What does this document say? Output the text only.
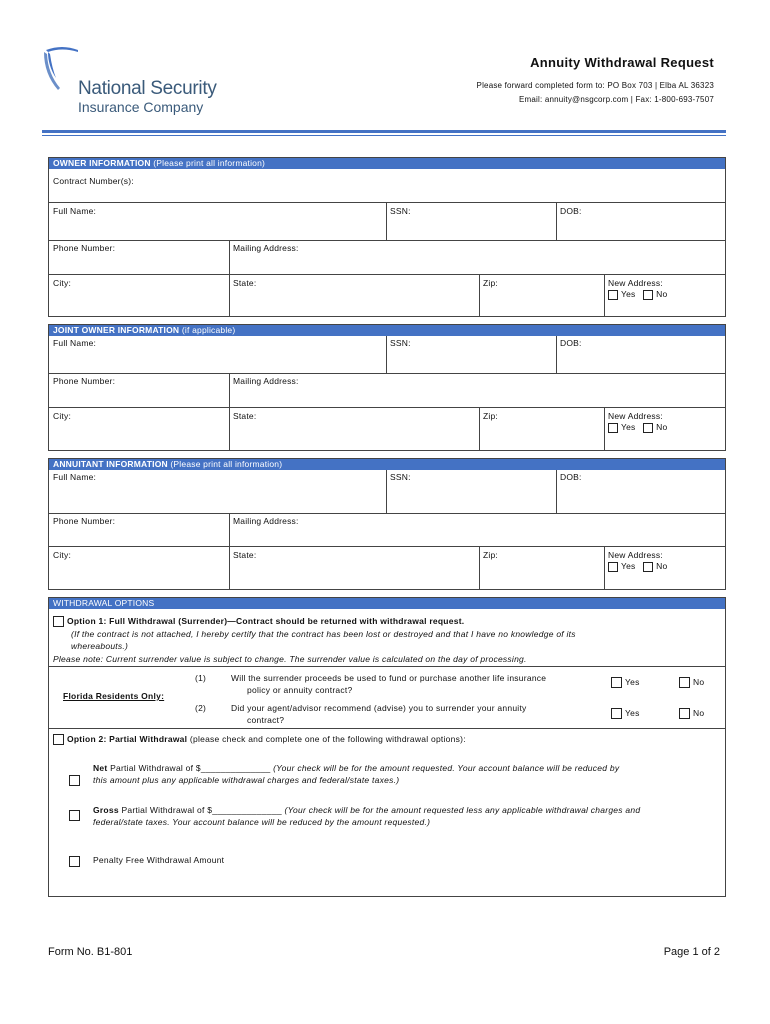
National Security
Insurance Company
Annuity Withdrawal Request
Please forward completed form to: PO Box 703 | Elba AL 36323
Email: annuity@nsgcorp.com | Fax: 1-800-693-7507
OWNER INFORMATION (Please print all information)
Contract Number(s):
Full Name:	SSN:	DOB:
Phone Number:	Mailing Address:
City:	State:	Zip:	New Address:
Yes No
JOINT OWNER INFORMATION (if applicable)
Full Name:	SSN:	DOB:
Phone Number:	Mailing Address:
City:	State:	Zip:	New Address:
Yes No
ANNUITANT INFORMATION (Please print all information)
Full Name:	SSN:	DOB:
Phone Number:	Mailing Address:
City:	State:	Zip:	New Address:
Yes No
WITHDRAWAL OPTIONS
Option 1: Full Withdrawal (Surrender)—Contract should be returned with withdrawal request.
(If the contract is not attached, I hereby certify that the contract has been lost or destroyed and that I have no knowledge of its
whereabouts.)
Please note: Current surrender value is subject to change. The surrender value is calculated on the day of processing.
Florida Residents Only:
(1)	Will the surrender proceeds be used to fund or purchase another life insurance
policy or annuity contract?
Yes	No
(2)	Did your agent/advisor recommend (advise) you to surrender your annuity
contract?
Yes	No
Option 2: Partial Withdrawal (please check and complete one of the following withdrawal options):
Net Partial Withdrawal of $______________ (Your check will be for the amount requested. Your account balance will be reduced by
this amount plus any applicable withdrawal charges and federal/state taxes.)
Gross Partial Withdrawal of $______________ (Your check will be for the amount requested less any applicable withdrawal charges and
federal/state taxes. Your account balance will be reduced by the amount requested.)
Penalty Free Withdrawal Amount
Form No. B1-801	Page 1 of 2
